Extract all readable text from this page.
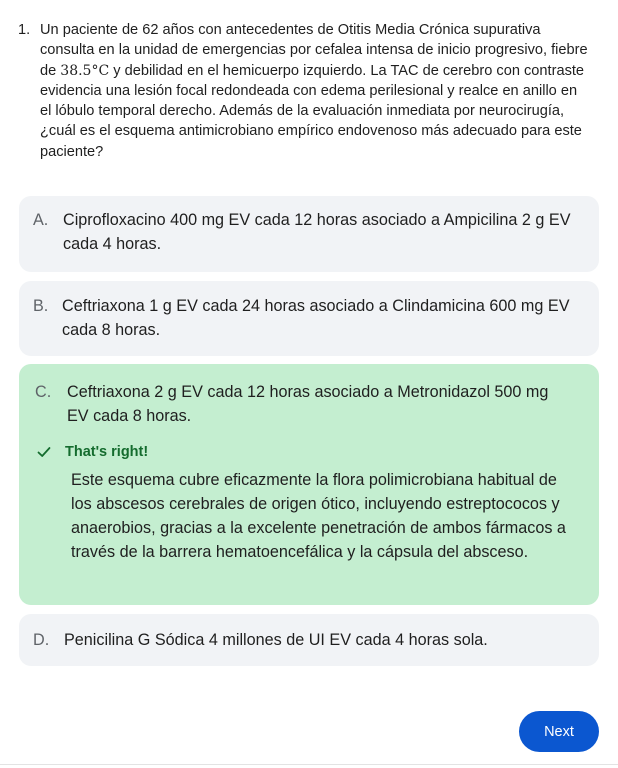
1. Un paciente de 62 años con antecedentes de Otitis Media Crónica supurativa consulta en la unidad de emergencias por cefalea intensa de inicio progresivo, fiebre de 38.5°C y debilidad en el hemicuerpo izquierdo. La TAC de cerebro con contraste evidencia una lesión focal redondeada con edema perilesional y realce en anillo en el lóbulo temporal derecho. Además de la evaluación inmediata por neurocirugía, ¿cuál es el esquema antimicrobiano empírico endovenoso más adecuado para este paciente?
A. Ciprofloxacino 400 mg EV cada 12 horas asociado a Ampicilina 2 g EV cada 4 horas.
B. Ceftriaxona 1 g EV cada 24 horas asociado a Clindamicina 600 mg EV cada 8 horas.
C. Ceftriaxona 2 g EV cada 12 horas asociado a Metronidazol 500 mg EV cada 8 horas.
That's right!
Este esquema cubre eficazmente la flora polimicrobiana habitual de los abscesos cerebrales de origen ótico, incluyendo estreptococos y anaerobios, gracias a la excelente penetración de ambos fármacos a través de la barrera hematoencefálica y la cápsula del absceso.
D. Penicilina G Sódica 4 millones de UI EV cada 4 horas sola.
Next
